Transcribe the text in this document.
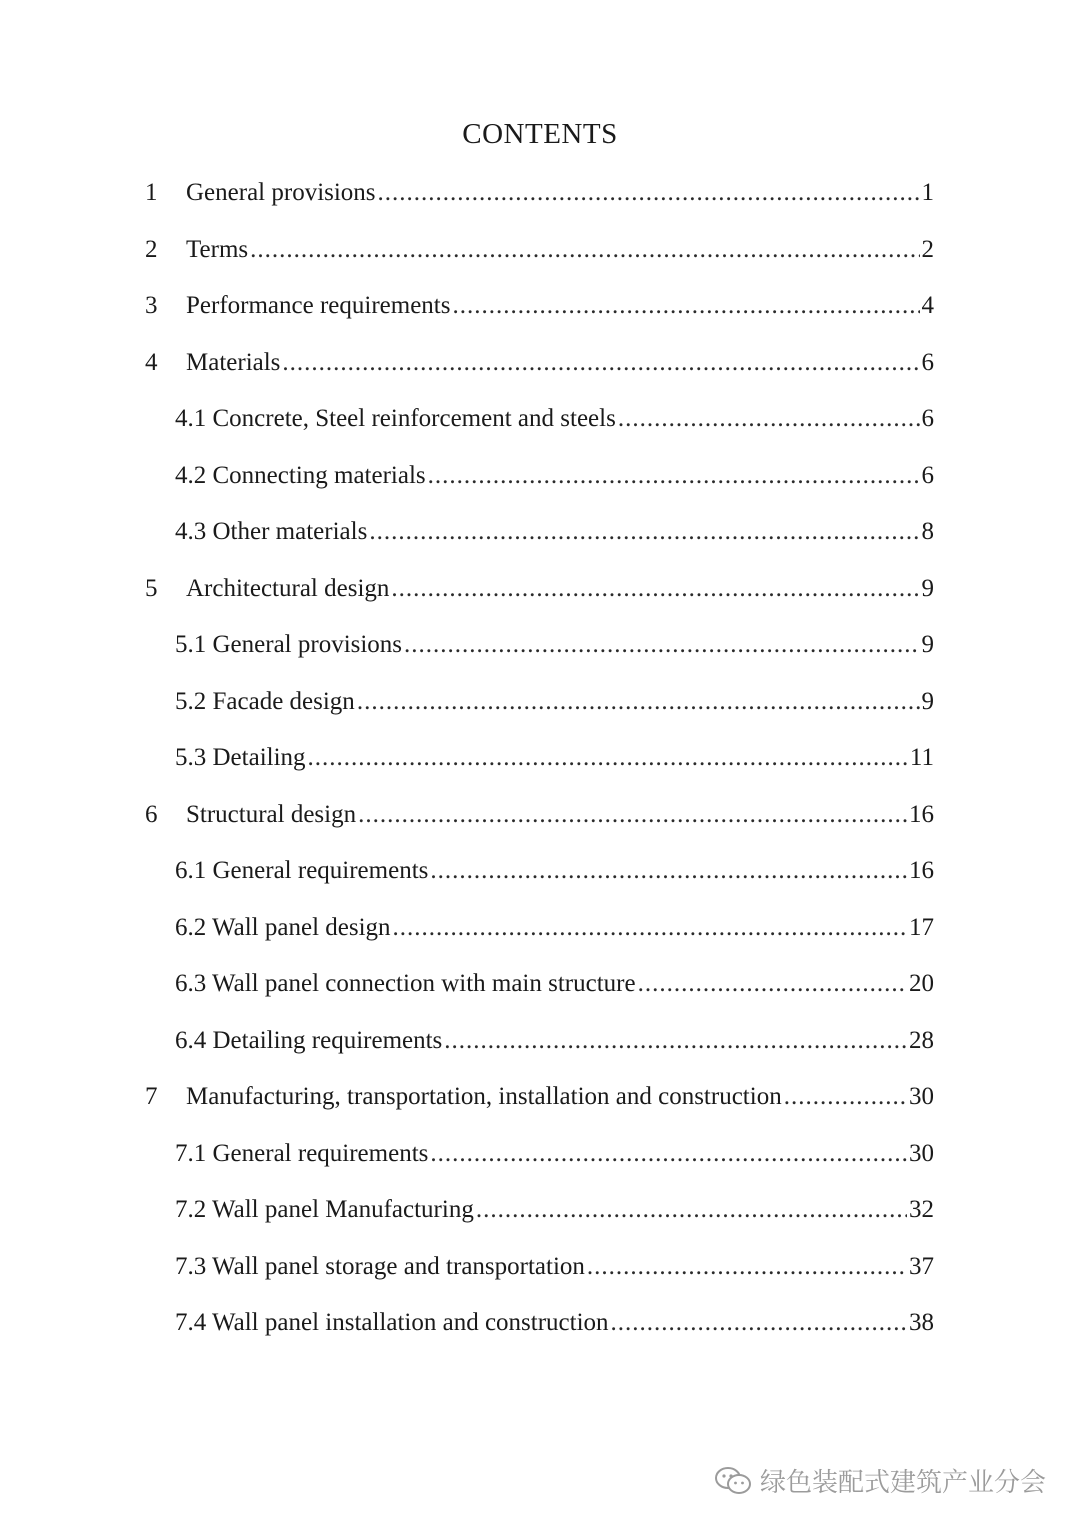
CONTENTS
1 General provisions .....	1
2 Terms .....	2
3 Performance requirements .....	4
4 Materials .....	6
4.1 Concrete, Steel reinforcement and steels .....	6
4.2 Connecting materials .....	6
4.3 Other materials .....	8
5 Architectural design .....	9
5.1 General provisions .....	9
5.2 Facade design .....	9
5.3 Detailing .....	11
6 Structural design .....	16
6.1 General requirements .....	16
6.2 Wall panel design .....	17
6.3 Wall panel connection with main structure .....	20
6.4 Detailing requirements .....	28
7 Manufacturing, transportation, installation and construction .....	30
7.1 General requirements .....	30
7.2 Wall panel Manufacturing .....	32
7.3 Wall panel storage and transportation .....	37
7.4 Wall panel installation and construction .....	38
绿色装配式建筑产业分会
